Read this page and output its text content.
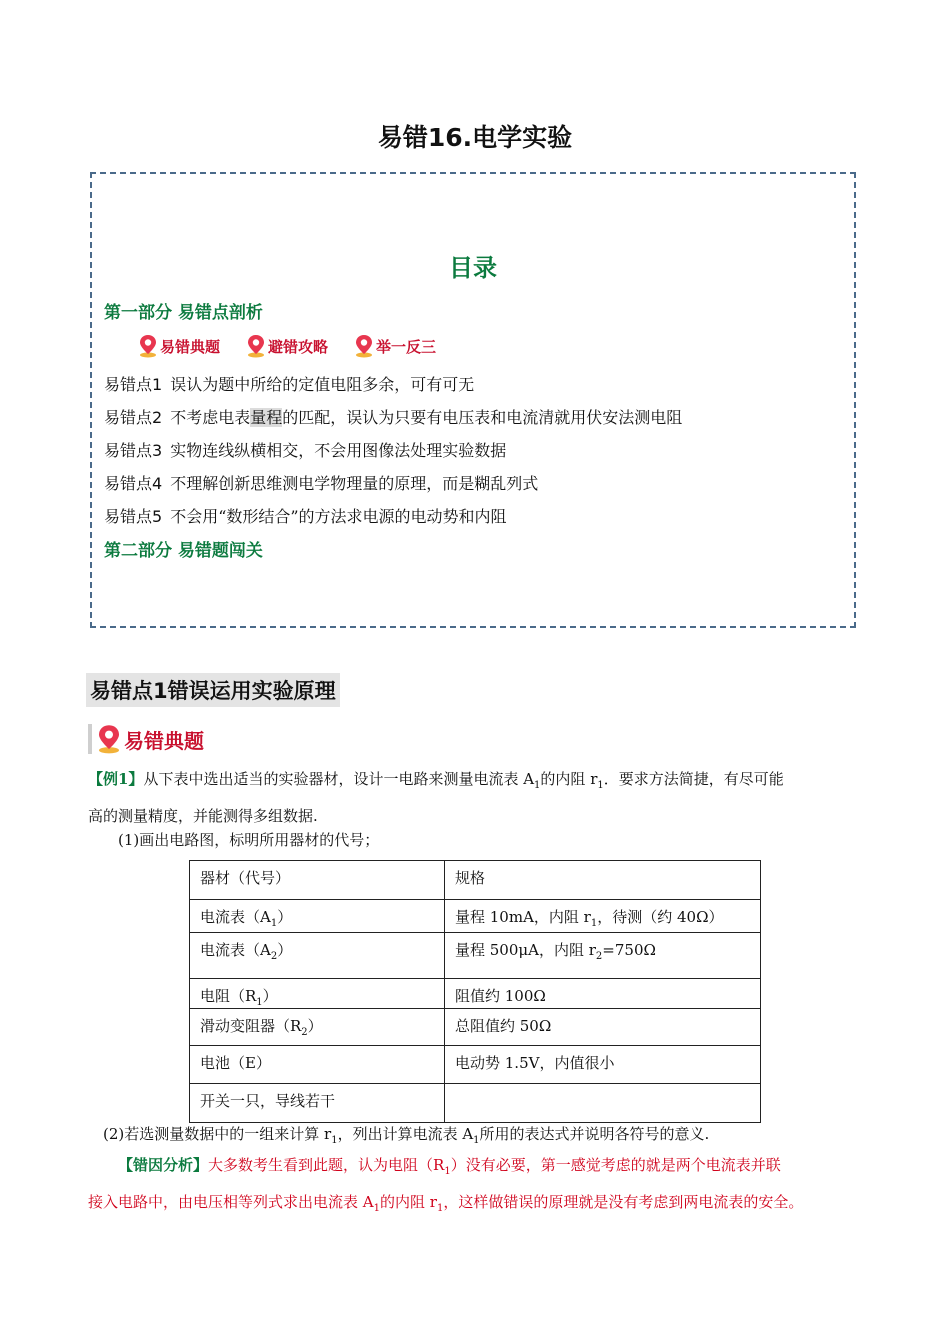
易错16.电学实验
目录
第一部分 易错点剖析
易错典题	避错攻略	举一反三
易错点1 误认为题中所给的定值电阻多余，可有可无
易错点2 不考虑电表量程的匹配，误认为只要有电压表和电流清就用伏安法测电阻
易错点3 实物连线纵横相交，不会用图像法处理实验数据
易错点4 不理解创新思维测电学物理量的原理，而是糊乱列式
易错点5 不会用“数形结合”的方法求电源的电动势和内阻
第二部分 易错题闯关
易错点1错误运用实验原理
易错典题
【例1】从下表中选出适当的实验器材，设计一电路来测量电流表 $A_1$的内阻 $r_1$．要求方法简捷，有尽可能
高的测量精度，并能测得多组数据.
(1)画出电路图，标明所用器材的代号；
器材（代号）	规格
电流表$(A_1)$	量程 10mA，内阻 $r_1$，待测（约 40Ω）
电流表$(A_2)$	量程 500μA，内阻 $r_2=750\Omega$
电阻$(R_1)$	阻值约 100Ω
滑动变阻器$(R_2)$	总阻值约 50Ω
电池（E）	电动势 1.5V，内值很小
开关一只，导线若干	
(2)若选测量数据中的一组来计算 $r_1$，列出计算电流表 $A_1$所用的表达式并说明各符号的意义.
【错因分析】大多数考生看到此题，认为电阻$(R_1)$没有必要，第一感觉考虑的就是两个电流表并联
接入电路中，由电压相等列式求出电流表 $A_1$的内阻 $r_1$，这样做错误的原理就是没有考虑到两电流表的安全。
